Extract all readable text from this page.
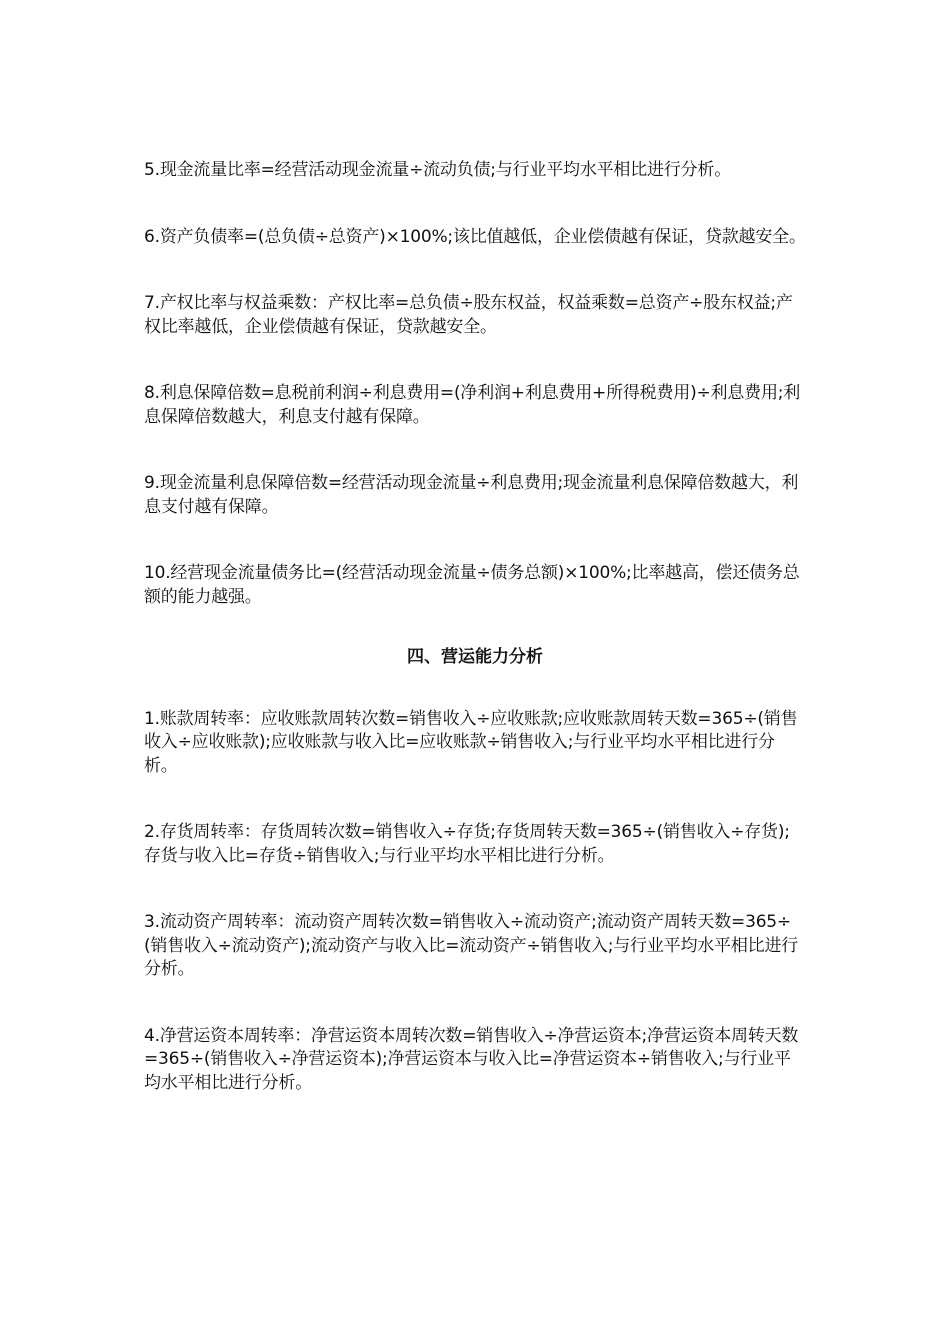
5.现金流量比率=经营活动现金流量÷流动负债;与行业平均水平相比进行分析。

6.资产负债率=(总负债÷总资产)×100%;该比值越低，企业偿债越有保证，贷款越安全。

7.产权比率与权益乘数：产权比率=总负债÷股东权益，权益乘数=总资产÷股东权益;产权比率越低，企业偿债越有保证，贷款越安全。

8.利息保障倍数=息税前利润÷利息费用=(净利润+利息费用+所得税费用)÷利息费用;利息保障倍数越大，利息支付越有保障。

9.现金流量利息保障倍数=经营活动现金流量÷利息费用;现金流量利息保障倍数越大，利息支付越有保障。

10.经营现金流量债务比=(经营活动现金流量÷债务总额)×100%;比率越高，偿还债务总额的能力越强。

四、营运能力分析

1.账款周转率：应收账款周转次数=销售收入÷应收账款;应收账款周转天数=365÷(销售收入÷应收账款);应收账款与收入比=应收账款÷销售收入;与行业平均水平相比进行分析。

2.存货周转率：存货周转次数=销售收入÷存货;存货周转天数=365÷(销售收入÷存货);存货与收入比=存货÷销售收入;与行业平均水平相比进行分析。

3.流动资产周转率：流动资产周转次数=销售收入÷流动资产;流动资产周转天数=365÷(销售收入÷流动资产);流动资产与收入比=流动资产÷销售收入;与行业平均水平相比进行分析。

4.净营运资本周转率：净营运资本周转次数=销售收入÷净营运资本;净营运资本周转天数=365÷(销售收入÷净营运资本);净营运资本与收入比=净营运资本÷销售收入;与行业平均水平相比进行分析。
